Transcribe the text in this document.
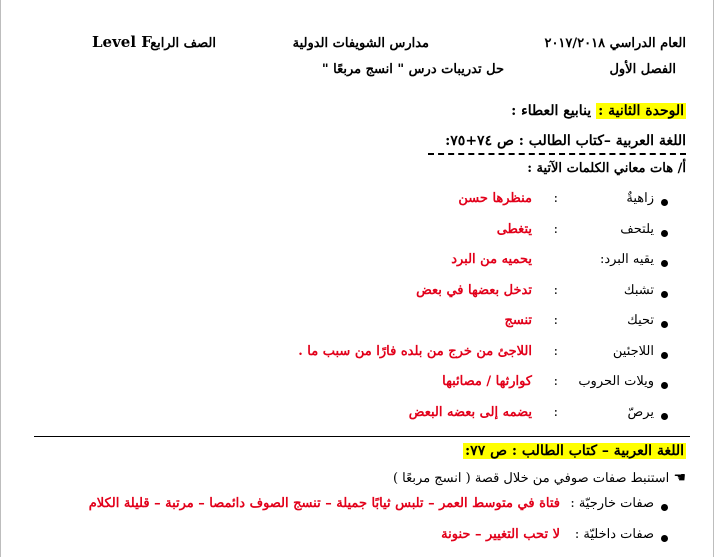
العام الدراسي ٢٠١٧/٢٠١٨
الفصل الأول
مدارس الشويفات الدولية
حل تدريبات درس " انسج مربعًا "
الصف الرابع
Level F
الوحدة الثانية : ينابيع العطاء :
اللغة العربية –كتاب الطالب : ص ٧٤+٧٥:
أ/ هات معاني الكلمات الآتية :
زاهيةٌ
:
منظرها حسن
يلتحف
:
يتغطى
يقيه البرد:
يحميه من البرد
تشبك
:
تدخل بعضها في بعض
تحيك
:
تنسج
اللاجئين
:
اللاجئ من خرج من بلده فارًا من سبب ما .
ويلات الحروب
:
كوارثها / مصائبها
يرصّ
:
يضمه إلى بعضه البعض
اللغة العربية – كتاب الطالب : ص ٧٧:
☚ استنبط صفات صوفي من خلال قصة ( انسج مربعًا )
صفات خارجيّة :
فتاة في متوسط العمر – تلبس ثيابًا جميلة – تنسج الصوف دائمصا – مرتبة – قليلة الكلام
صفات داخليّة :
لا تحب التغيير – حنونة
